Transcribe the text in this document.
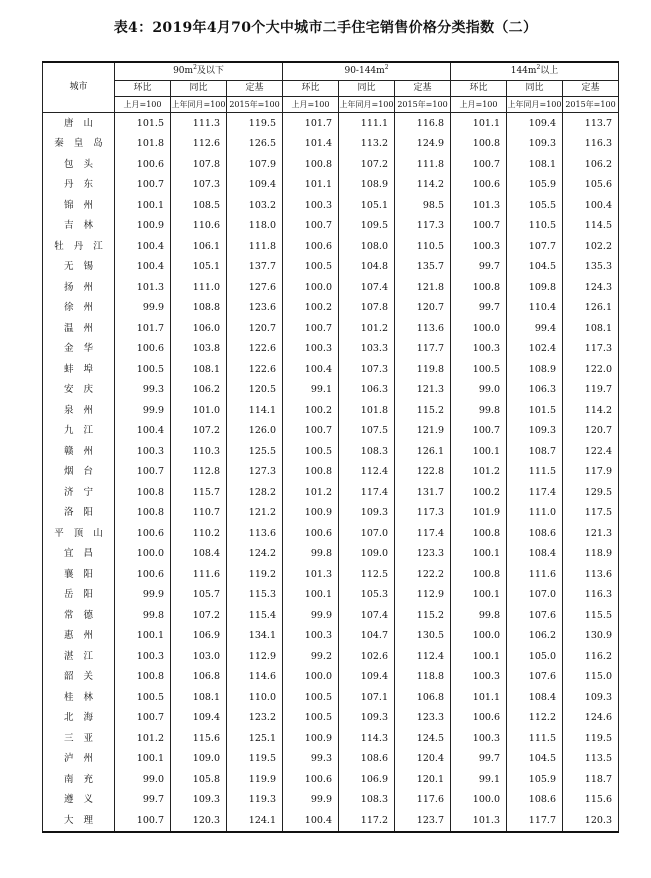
表4：2019年4月70个大中城市二手住宅销售价格分类指数（二）
城市	$90m^2$及以下			$90-144m^2$			$144m^2$以上		
	环比	同比	定基	环比	同比	定基	环比	同比	定基
	上月=100	上年同月=100	2015年=100	上月=100	上年同月=100	2015年=100	上月=100	上年同月=100	2015年=100
唐山	101.5	111.3	119.5	101.7	111.1	116.8	101.1	109.4	113.7
秦皇岛	101.8	112.6	126.5	101.4	113.2	124.9	100.8	109.3	116.3
包头	100.6	107.8	107.9	100.8	107.2	111.8	100.7	108.1	106.2
丹东	100.7	107.3	109.4	101.1	108.9	114.2	100.6	105.9	105.6
锦州	100.1	108.5	103.2	100.3	105.1	98.5	101.3	105.5	100.4
吉林	100.9	110.6	118.0	100.7	109.5	117.3	100.7	110.5	114.5
牡丹江	100.4	106.1	111.8	100.6	108.0	110.5	100.3	107.7	102.2
无锡	100.4	105.1	137.7	100.5	104.8	135.7	99.7	104.5	135.3
扬州	101.3	111.0	127.6	100.0	107.4	121.8	100.8	109.8	124.3
徐州	99.9	108.8	123.6	100.2	107.8	120.7	99.7	110.4	126.1
温州	101.7	106.0	120.7	100.7	101.2	113.6	100.0	99.4	108.1
金华	100.6	103.8	122.6	100.3	103.3	117.7	100.3	102.4	117.3
蚌埠	100.5	108.1	122.6	100.4	107.3	119.8	100.5	108.9	122.0
安庆	99.3	106.2	120.5	99.1	106.3	121.3	99.0	106.3	119.7
泉州	99.9	101.0	114.1	100.2	101.8	115.2	99.8	101.5	114.2
九江	100.4	107.2	126.0	100.7	107.5	121.9	100.7	109.3	120.7
赣州	100.3	110.3	125.5	100.5	108.3	126.1	100.1	108.7	122.4
烟台	100.7	112.8	127.3	100.8	112.4	122.8	101.2	111.5	117.9
济宁	100.8	115.7	128.2	101.2	117.4	131.7	100.2	117.4	129.5
洛阳	100.8	110.7	121.2	100.9	109.3	117.3	101.9	111.0	117.5
平顶山	100.6	110.2	113.6	100.6	107.0	117.4	100.8	108.6	121.3
宜昌	100.0	108.4	124.2	99.8	109.0	123.3	100.1	108.4	118.9
襄阳	100.6	111.6	119.2	101.3	112.5	122.2	100.8	111.6	113.6
岳阳	99.9	105.7	115.3	100.1	105.3	112.9	100.1	107.0	116.3
常德	99.8	107.2	115.4	99.9	107.4	115.2	99.8	107.6	115.5
惠州	100.1	106.9	134.1	100.3	104.7	130.5	100.0	106.2	130.9
湛江	100.3	103.0	112.9	99.2	102.6	112.4	100.1	105.0	116.2
韶关	100.8	106.8	114.6	100.0	109.4	118.8	100.3	107.6	115.0
桂林	100.5	108.1	110.0	100.5	107.1	106.8	101.1	108.4	109.3
北海	100.7	109.4	123.2	100.5	109.3	123.3	100.6	112.2	124.6
三亚	101.2	115.6	125.1	100.9	114.3	124.5	100.3	111.5	119.5
泸州	100.1	109.0	119.5	99.3	108.6	120.4	99.7	104.5	113.5
南充	99.0	105.8	119.9	100.6	106.9	120.1	99.1	105.9	118.7
遵义	99.7	109.3	119.3	99.9	108.3	117.6	100.0	108.6	115.6
大理	100.7	120.3	124.1	100.4	117.2	123.7	101.3	117.7	120.3
